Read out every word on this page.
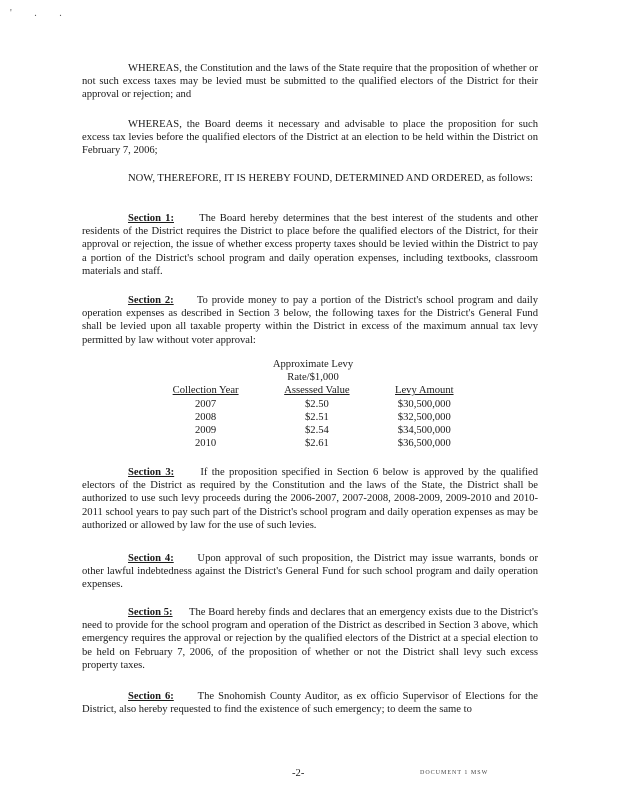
' . .

WHEREAS, the Constitution and the laws of the State require that the proposition of whether or not such excess taxes may be levied must be submitted to the qualified electors of the District for their approval or rejection; and

WHEREAS, the Board deems it necessary and advisable to place the proposition for such excess tax levies before the qualified electors of the District at an election to be held within the District on February 7, 2006;

NOW, THEREFORE, IT IS HEREBY FOUND, DETERMINED AND ORDERED, as follows:

Section 1: The Board hereby determines that the best interest of the students and other residents of the District requires the District to place before the qualified electors of the District, for their approval or rejection, the issue of whether excess property taxes should be levied within the District to pay a portion of the District's school program and daily operation expenses, including textbooks, classroom materials and staff.

Section 2: To provide money to pay a portion of the District's school program and daily operation expenses as described in Section 3 below, the following taxes for the District's General Fund shall be levied upon all taxable property within the District in excess of the maximum annual tax levy permitted by law without voter approval:

Approximate Levy
Rate/$1,000
Collection Year	Assessed Value	Levy Amount
2007	$2.50	$30,500,000
2008	$2.51	$32,500,000
2009	$2.54	$34,500,000
2010	$2.61	$36,500,000

Section 3: If the proposition specified in Section 6 below is approved by the qualified electors of the District as required by the Constitution and the laws of the State, the District shall be authorized to use such levy proceeds during the 2006-2007, 2007-2008, 2008-2009, 2009-2010 and 2010-2011 school years to pay such part of the District's school program and daily operation expenses as may be authorized or allowed by law for the use of such levies.

Section 4: Upon approval of such proposition, the District may issue warrants, bonds or other lawful indebtedness against the District's General Fund for such school program and daily operation expenses.

Section 5: The Board hereby finds and declares that an emergency exists due to the District's need to provide for the school program and operation of the District as described in Section 3 above, which emergency requires the approval or rejection by the qualified electors of the District at a special election to be held on February 7, 2006, of the proposition of whether or not the District shall levy such excess property taxes.

Section 6: The Snohomish County Auditor, as ex officio Supervisor of Elections for the District, also hereby requested to find the existence of such emergency; to deem the same to

-2-	DOCUMENT 1 MSW
